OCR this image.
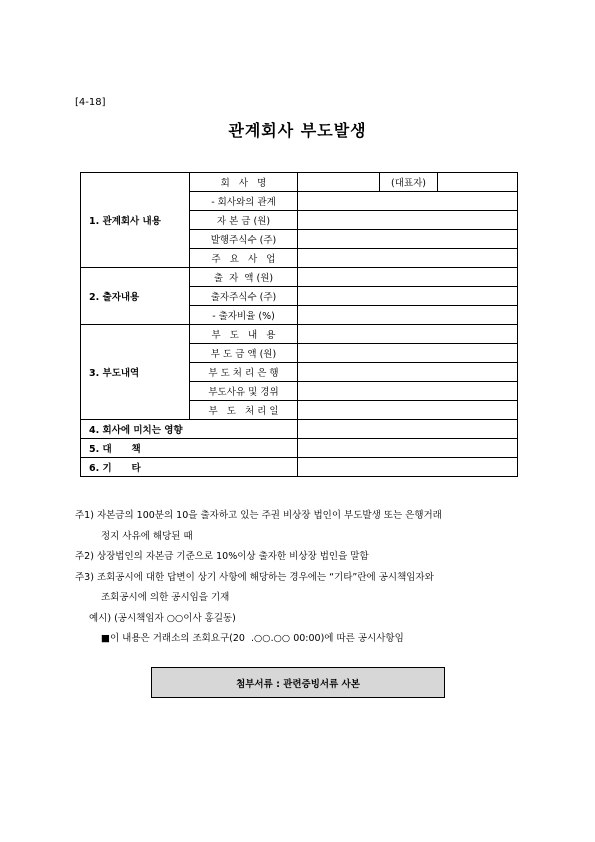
[4-18]
관계회사 부도발생
1. 관계회사 내용	회   사   명		(대표자)	
	- 회사와의 관계			
	자 본 금 (원)			
	발행주식수 (주)			
	주   요   사   업			
2. 출자내용	출  자  액 (원)			
	출자주식수 (주)			
	- 출자비율 (%)			
3. 부도내역	부   도   내   용			
	부 도 금 액 (원)			
	부 도 처 리 은 행			
	부도사유 및 경위			
	부   도   처 리 일			
4. 회사에 미치는 영향				
5. 대      책				
6. 기      타				
주1) 자본금의 100분의 10을 출자하고 있는 주권 비상장 법인이 부도발생 또는 은행거래
정지 사유에 해당된 때
주2) 상장법인의 자본금 기준으로 10%이상 출자한 비상장 법인을 말함
주3) 조회공시에 대한 답변이 상기 사항에 해당하는 경우에는 “기타”란에 공시책임자와
조회공시에 의한 공시임을 기재
예시) (공시책임자 ○○이사 홍길동)
■이 내용은 거래소의 조회요구(20  .○○.○○ 00:00)에 따른 공시사항임
첨부서류 : 관련증빙서류 사본
